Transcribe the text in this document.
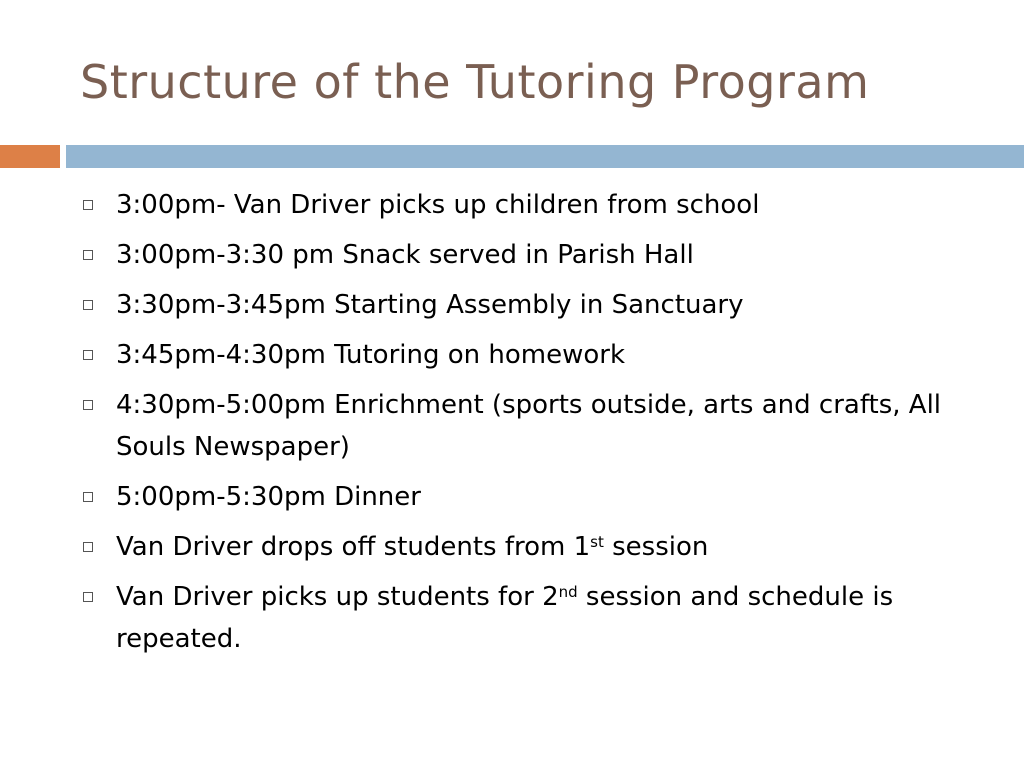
Structure of the Tutoring Program
3:00pm- Van Driver picks up children from school
3:00pm-3:30 pm Snack served in Parish Hall
3:30pm-3:45pm Starting Assembly in Sanctuary
3:45pm-4:30pm Tutoring on homework
4:30pm-5:00pm Enrichment (sports outside, arts and crafts, All Souls Newspaper)
5:00pm-5:30pm Dinner
Van Driver drops off students from 1st session
Van Driver picks up students for 2nd session and schedule is repeated.
